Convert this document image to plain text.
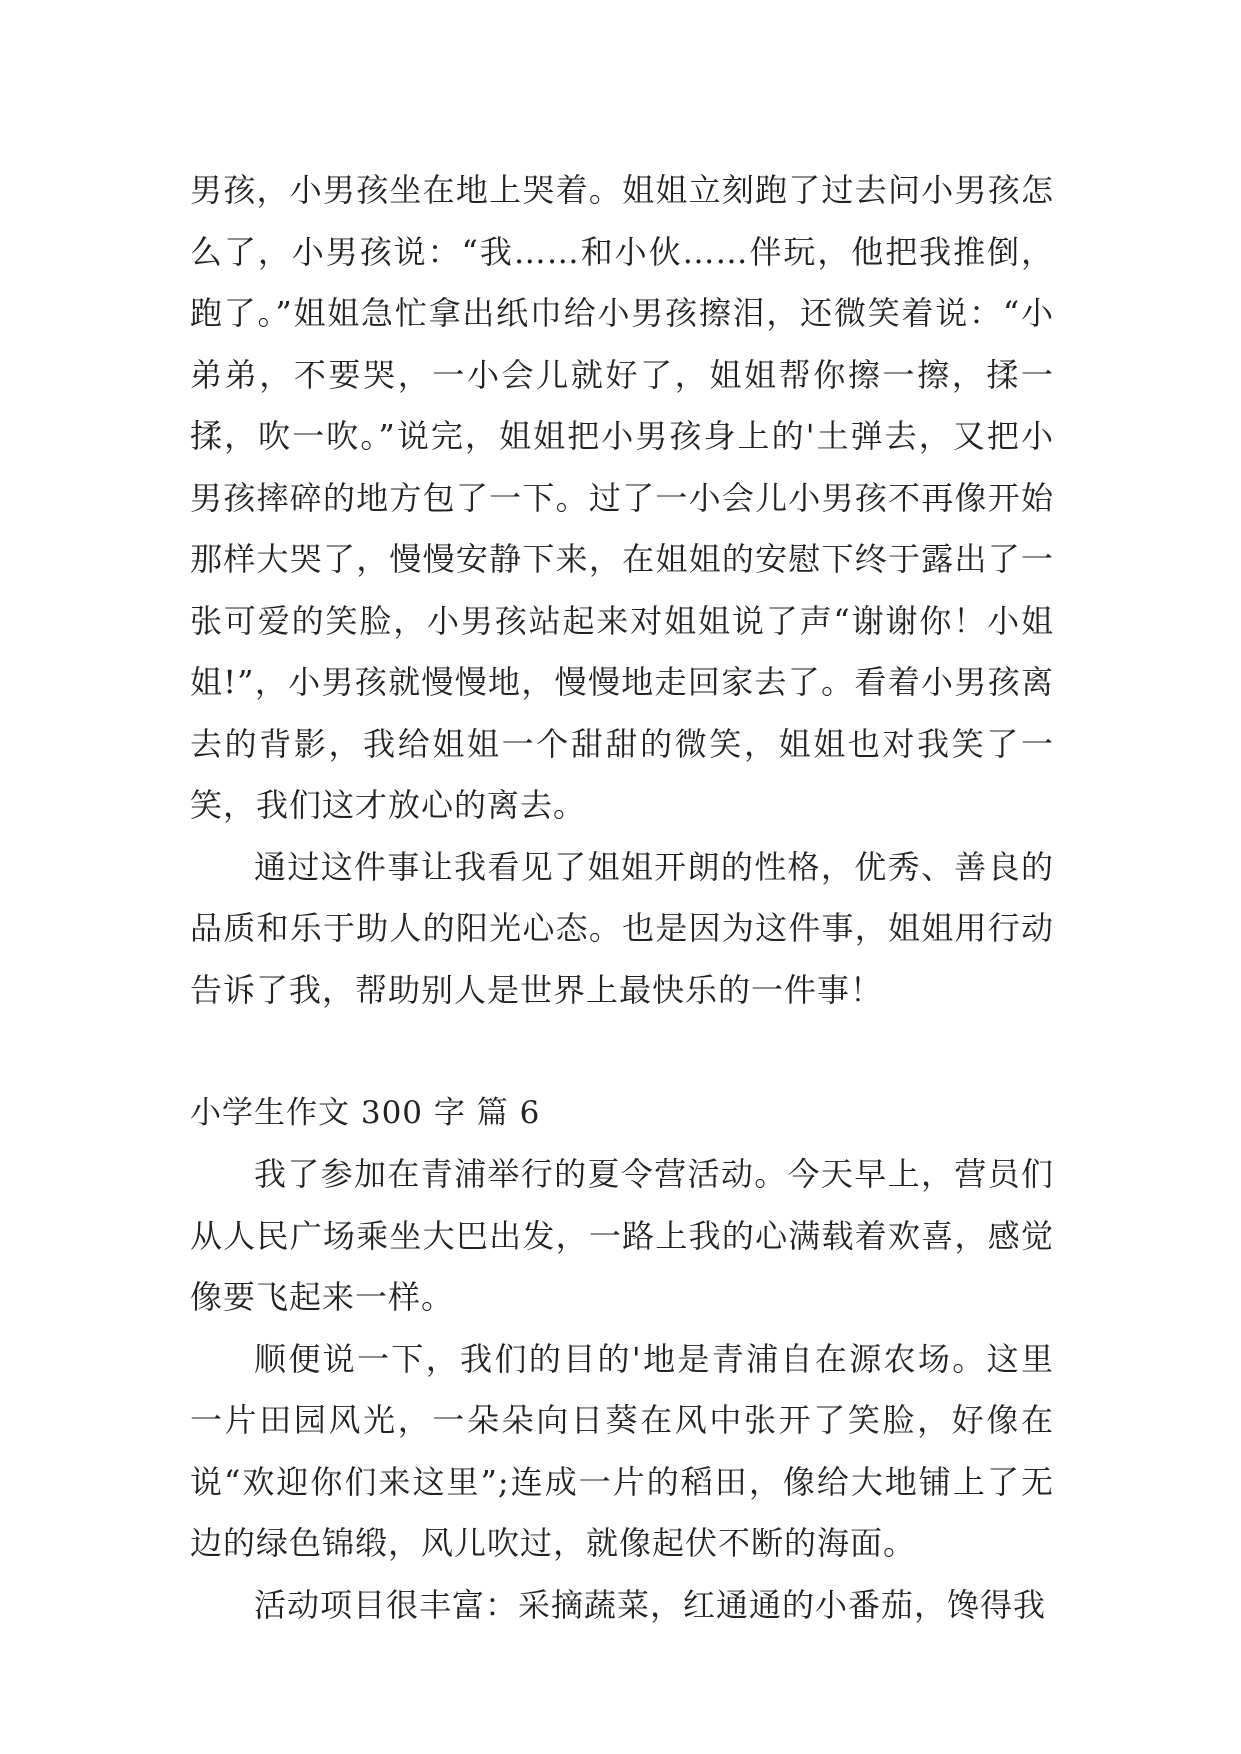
男孩，小男孩坐在地上哭着。姐姐立刻跑了过去问小男孩怎么了，小男孩说：“我……和小伙……伴玩，他把我推倒，跑了。”姐姐急忙拿出纸巾给小男孩擦泪，还微笑着说：“小弟弟，不要哭，一小会儿就好了，姐姐帮你擦一擦，揉一揉，吹一吹。”说完，姐姐把小男孩身上的'土弹去，又把小男孩摔碎的地方包了一下。过了一小会儿小男孩不再像开始那样大哭了，慢慢安静下来，在姐姐的安慰下终于露出了一张可爱的笑脸，小男孩站起来对姐姐说了声“谢谢你！小姐姐!”，小男孩就慢慢地，慢慢地走回家去了。看着小男孩离去的背影，我给姐姐一个甜甜的微笑，姐姐也对我笑了一笑，我们这才放心的离去。

通过这件事让我看见了姐姐开朗的性格，优秀、善良的品质和乐于助人的阳光心态。也是因为这件事，姐姐用行动告诉了我，帮助别人是世界上最快乐的一件事！

小学生作文 300 字 篇 6

我了参加在青浦举行的夏令营活动。今天早上，营员们从人民广场乘坐大巴出发，一路上我的心满载着欢喜，感觉像要飞起来一样。

顺便说一下，我们的目的'地是青浦自在源农场。这里一片田园风光，一朵朵向日葵在风中张开了笑脸，好像在说“欢迎你们来这里”;连成一片的稻田，像给大地铺上了无边的绿色锦缎，风儿吹过，就像起伏不断的海面。

活动项目很丰富：采摘蔬菜，红通通的小番茄，馋得我
